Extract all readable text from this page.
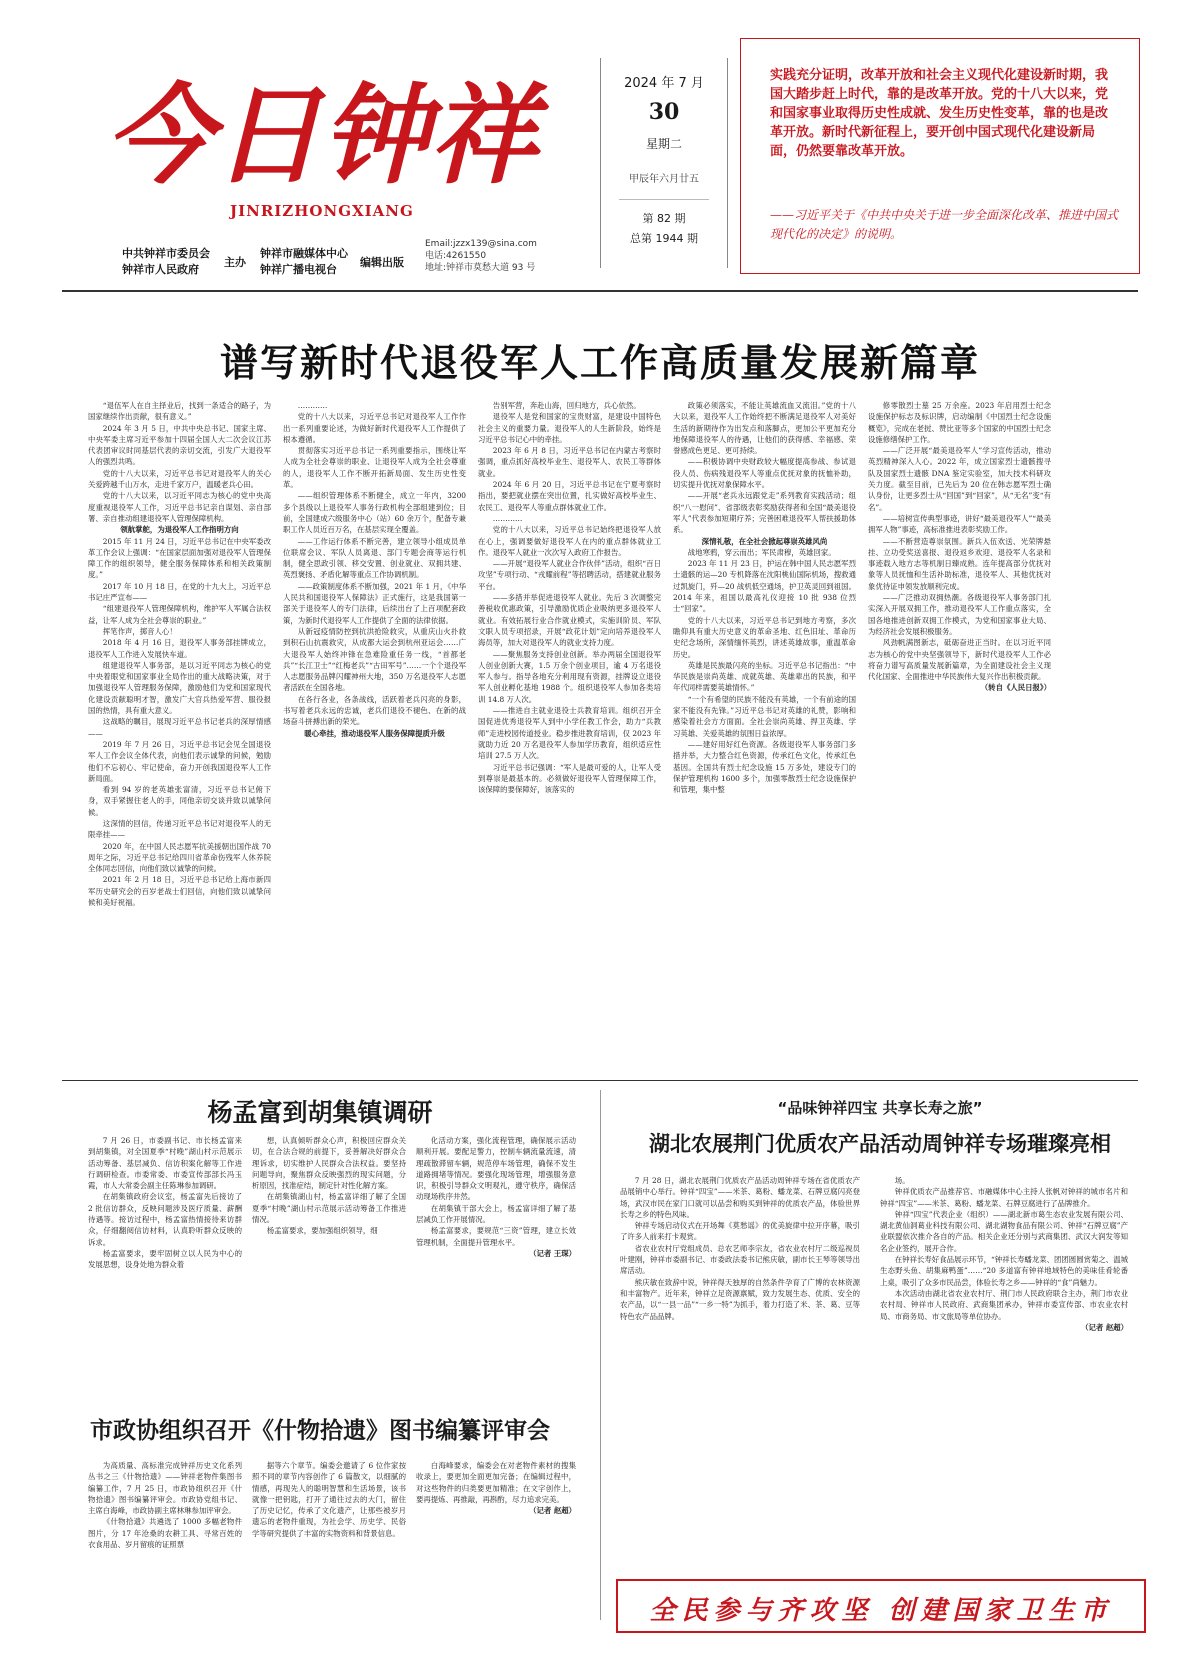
今日钟祥
JINRIZHONGXIANG
中共钟祥市委员会
钟祥市人民政府
主办
钟祥市融媒体中心
钟祥广播电视台
编辑出版
Email:jzzx139@sina.com
电话:4261550
地址:钟祥市莫愁大道 93 号
2024 年 7 月
30
星期二
甲辰年六月廿五
第 82 期
总第 1944 期
实践充分证明，改革开放和社会主义现代化建设新时期，我国大踏步赶上时代，靠的是改革开放。党的十八大以来，党和国家事业取得历史性成就、发生历史性变革，靠的也是改革开放。新时代新征程上，要开创中国式现代化建设新局面，仍然要靠改革开放。
——习近平关于《中共中央关于进一步全面深化改革、推进中国式现代化的决定》的说明。
谱写新时代退役军人工作高质量发展新篇章

“退伍军人在自主择业后，找到一条适合的路子，为国家继续作出贡献，很有意义。”

2024 年 3 月 5 日，中共中央总书记、国家主席、中央军委主席习近平参加十四届全国人大二次会议江苏代表团审议时同基层代表的亲切交流，引发广大退役军人的强烈共鸣。

党的十八大以来，习近平总书记对退役军人的关心关爱跨越千山万水，走进千家万户，温暖老兵心田。

党的十八大以来，以习近平同志为核心的党中央高度重视退役军人工作，习近平总书记亲自谋划、亲自部署、亲自推动组建退役军人管理保障机构。

领航掌舵，为退役军人工作指明方向

2015 年 11 月 24 日，习近平总书记在中央军委改革工作会议上强调：“在国家层面加强对退役军人管理保障工作的组织领导，健全服务保障体系和相关政策制度。”

2017 年 10 月 18 日，在党的十九大上，习近平总书记庄严宣布——

“组建退役军人管理保障机构，维护军人军属合法权益，让军人成为全社会尊崇的职业。”

挥笔作声，掷音人心！

2018 年 4 月 16 日，退役军人事务部挂牌成立，退役军人工作进入发展快车道。

组建退役军人事务部，是以习近平同志为核心的党中央着眼党和国家事业全局作出的重大战略决策，对于加强退役军人管理服务保障，激励他们为党和国家现代化建设贡献聪明才智，激发广大官兵热爱军营、服役报国的热情，具有重大意义。

这战略的瞩目，展现习近平总书记老兵的深厚情感——

2019 年 7 月 26 日，习近平总书记会见全国退役军人工作会议全体代表，向他们表示诚挚的问候，勉励他们不忘初心、牢记使命，奋力开创我国退役军人工作新局面。

看到 94 岁的老英雄张富清，习近平总书记俯下身，双手紧握住老人的手，同他亲切交谈并致以诚挚问候。

这深情的回信，传递习近平总书记对退役军人的无限牵挂——

2020 年，在中国人民志愿军抗美援朝出国作战 70 周年之际，习近平总书记给四川省革命伤残军人休养院全体同志回信，向他们致以诚挚的问候。

2021 年 2 月 18 日，习近平总书记给上海市新四军历史研究会的百岁老战士们回信，向他们致以诚挚问候和美好祝福。

…………

党的十八大以来，习近平总书记对退役军人工作作出一系列重要论述，为做好新时代退役军人工作提供了根本遵循。

贯彻落实习近平总书记一系列重要指示，围绕让军人成为全社会尊崇的职业、让退役军人成为全社会尊重的人，退役军人工作不断开拓新局面、发生历史性变革。

——组织管理体系不断健全，成立一年内，3200 多个县级以上退役军人事务行政机构全部组建到位；目前，全国建成六级服务中心（站）60 余万个，配备专兼职工作人员近百万名，在基层实现全覆盖。

——工作运行体系不断完善，建立领导小组成员单位联席会议、军队人员离退、部门专题会商等运行机制，健全思政引领、移交安置、创业就业、双拥共建、英烈褒扬、矛盾化解等重点工作协调机制。

——政策制度体系不断加强，2021 年 1 月，《中华人民共和国退役军人保障法》正式施行，这是我国第一部关于退役军人的专门法律，后续出台了上百项配套政策，为新时代退役军人工作提供了全面的法律依据。

从新冠疫情防控到抗洪抢险救灾，从重庆山火扑救到积石山抗震救灾，从成都大运会到杭州亚运会……广大退役军人始终冲锋在急难险重任务一线，“首都老兵”“长江卫士”“红梅老兵”“古田军号”……一个个退役军人志愿服务品牌闪耀神州大地，350 万名退役军人志愿者活跃在全国各地。

在各行各业，各条战线，活跃着老兵闪亮的身影，书写着老兵永远的忠诚，老兵们退役不褪色、在新的战场奋斗拼搏出新的荣光。

暖心牵挂，推动退役军人服务保障提质升级

告别军营，奔赴山海，回归地方，兵心依然。

退役军人是党和国家的宝贵财富，是建设中国特色社会主义的重要力量。退役军人的人生新阶段，始终是习近平总书记心中的牵挂。

2023 年 6 月 8 日，习近平总书记在内蒙古考察时强调，重点抓好高校毕业生、退役军人、农民工等群体就业。

2024 年 6 月 20 日，习近平总书记在宁夏考察时指出，要把就业摆在突出位置，扎实做好高校毕业生、农民工、退役军人等重点群体就业工作。

…………

党的十八大以来，习近平总书记始终把退役军人放在心上，强调要做好退役军人在内的重点群体就业工作。退役军人就业一次次写入政府工作报告。

——开展“退役军人就业合作伙伴”活动，组织“百日攻坚”专项行动、“戎耀前程”等招聘活动，搭建就业服务平台。

——多措并举促进退役军人就业。先后 3 次调整完善税收优惠政策，引导激励优质企业吸纳更多退役军人就业。有效拓展行业合作就业模式，实施训阶员、军队文职人员专项招录，开展“政花计划”定向培养退役军人海员等，加大对退役军人的就业支持力度。

——聚焦服务支持创业创新。举办两届全国退役军人创业创新大赛，1.5 万余个创业项目，逾 4 万名退役军人参与。指导各地充分利用现有资源，挂牌设立退役军人创业孵化基地 1988 个。组织退役军人参加各类培训 14.8 万人次。

——推进自主就业退役士兵教育培训。组织召开全国促进优秀退役军人到中小学任教工作会，助力“兵教师”走进校园传道授业。稳步推进教育培训，仅 2023 年就助力近 20 万名退役军人参加学历教育，组织适应性培训 27.5 万人次。

习近平总书记强调：“军人是最可爱的人，让军人受到尊崇是最基本的。必须做好退役军人管理保障工作，该保障的要保障好，该落实的

政策必须落实，不能让英雄流血又流泪。”党的十八大以来，退役军人工作始终把不断满足退役军人对美好生活的新期待作为出发点和落脚点，更加公平更加充分地保障退役军人的待遇，让他们的获得感、幸福感、荣誉感成色更足、更可持续。

——积极协调中央财政较大幅度提高参战、参试退役人员、伤病残退役军人等重点优抚对象的抚恤补助，切实提升优抚对象保障水平。

——开展“老兵永远跟党走”系列教育实践活动；组织“八一慰问”、省部级表彰奖励获得者和全国“最美退役军人”代表参加短期疗养；完善困难退役军人帮扶援助体系。

深情礼敬，在全社会掀起尊崇英雄风尚

战地寒鸦，穿云而出；军民肃穆，英雄回家。

2023 年 11 月 23 日，护运在韩中国人民志愿军烈士遗骸的运—20 专机降落在沈阳桃仙国际机场，搜救通过凯旋门，歼—20 战机低空通场，护卫英灵回到祖国。2014 年来，祖国以最高礼仪迎接 10 批 938 位烈士“回家”。

党的十八大以来，习近平总书记到地方考察，多次瞻仰具有重大历史意义的革命圣地、红色旧址、革命历史纪念场所，深情缅怀英烈，讲述英雄故事，重温革命历史。

英雄是民族最闪亮的坐标。习近平总书记指出：“中华民族是崇尚英雄、成就英雄、英雄辈出的民族，和平年代同样需要英雄情怀。”

“一个有希望的民族不能没有英雄，一个有前途的国家不能没有先锋。”习近平总书记对英雄的礼赞，影响和感染着社会方方面面。全社会崇尚英雄、捍卫英雄、学习英雄、关爱英雄的氛围日益浓厚。

——建好用好红色资源。各级退役军人事务部门多措并举，大力整合红色资源，传承红色文化，传承红色基因。全国共有烈士纪念设施 15 万多处，建设专门的保护管理机构 1600 多个，加强零散烈士纪念设施保护和管理，集中整

修零散烈士墓 25 万余座。2023 年启用烈士纪念设施保护标志及标识牌，启动编制《中国烈士纪念设施概览》，完成在老挝、赞比亚等多个国家的中国烈士纪念设施修缮保护工作。

——广泛开展“最美退役军人”学习宣传活动，推动英烈精神深入人心。2022 年，成立国家烈士遗骸搜寻队及国家烈士遗骸 DNA 鉴定实验室，加大技术科研攻关力度。截至目前，已先后为 20 位在韩志愿军烈士确认身份，让更多烈士从“回国”到“回家”，从“无名”变“有名”。

——培树宣传典型事迹，讲好“最美退役军人”“最美拥军人物”事迹，高标准推进表彰奖励工作。

——不断营造尊崇氛围。新兵入伍欢送、光荣牌悬挂、立功受奖送喜报、退役返乡欢迎、退役军人名录和事迹载入地方志等机制日臻成熟。连年提高部分优抚对象等人员抚恤和生活补助标准，退役军人、其他优抚对象优待证申领发放顺利完成。

——广泛推动双拥热潮。各级退役军人事务部门扎实深入开展双拥工作，推动退役军人工作重点落实，全国各地推进创新双拥工作模式，为党和国家事业大局、为经济社会发展积极服务。

风劲帆满图新志，砥砺奋进正当时。在以习近平同志为核心的党中央坚强领导下，新时代退役军人工作必将奋力谱写高质量发展新篇章，为全面建设社会主义现代化国家、全面推进中华民族伟大复兴作出积极贡献。

（转自《人民日报》）

杨孟富到胡集镇调研

7 月 26 日，市委副书记、市长杨孟富来到胡集镇，对全国夏季“村晚”湖山村示范展示活动筹备、基层减负、信访积案化解等工作进行调研检查。市委常委、市委宣传部部长冯玉霞，市人大常委会副主任陈琳参加调研。

在胡集镇政府会议室，杨孟富先后接访了 2 批信访群众，反映问题涉及医疗质量、薪酬待遇等。接访过程中，杨孟富热情接待来访群众，仔细翻阅信访材料，认真聆听群众反映的诉求。

杨孟富要求，要牢固树立以人民为中心的发展思想，设身处地为群众着

想，认真倾听群众心声，积极回应群众关切，在合法合规的前提下，妥善解决好群众合理诉求，切实维护人民群众合法权益。要坚持问题导向，聚焦群众反映强烈的现实问题，分析原因，找准症结，制定针对性化解方案。

在胡集镇湖山村，杨孟富详细了解了全国夏季“村晚”湖山村示范展示活动筹备工作推进情况。

杨孟富要求，要加强组织领导，细

化活动方案，强化流程管理，确保展示活动顺利开展。要配足警力，控制车辆流量流速，清理疏散滞留车辆，规范停车场管理，确保不发生道路拥堵等情况。要强化现场管理，增强服务意识，积极引导群众文明观礼，遵守秩序，确保活动现场秩序井然。

在胡集镇干部大会上，杨孟富详细了解了基层减负工作开展情况。

杨孟富要求，要规范“三资”管理，建立长效管理机制，全面提升管理水平。

（记者 王琛）

市政协组织召开《什物拾遗》图书编纂评审会

为高质量、高标准完成钟祥历史文化系列丛书之三《什物拾遗》——钟祥老物件集图书编纂工作，7 月 25 日，市政协组织召开《什物拾遗》图书编纂评审会。市政协党组书记、主席白海峰，市政协副主席林琳参加评审会。

《什物拾遗》共遴选了 1000 多幅老物件图片，分 17 年沧桑的农耕工具、寻常百姓的衣食用品、岁月留痕的证照票

据等六个章节。编委会邀请了 6 位作家按照不同的章节内容创作了 6 篇散文，以细腻的情感，再现先人的聪明智慧和生活场景，该书就像一把钥匙，打开了通往过去的大门，留住了历史记忆，传承了文化遗产，让那些被岁月遗忘的老物件重现，为社会学、历史学、民俗学等研究提供了丰富的实物资料和背景信息。

白海峰要求，编委会在对老物件素材的搜集收录上，要更加全面更加完备；在编辑过程中，对这些物件的归类要更加精准；在文字创作上，要再提炼、再推敲，再斟酌，尽力追求完美。

（记者 赵超）

“品味钟祥四宝 共享长寿之旅”
湖北农展荆门优质农产品活动周钟祥专场璀璨亮相

7 月 28 日，湖北农展荆门优质农产品活动周钟祥专场在省优质农产品展销中心举行。钟祥“四宝”——米茶、葛粉、蟠龙菜、石牌豆腐闪亮登场，武汉市民在家门口就可以品尝和购买到钟祥的优质农产品，体验世界长寿之乡的特色风味。

钟祥专场启动仪式在开场舞《莫愁谣》的优美旋律中拉开序幕，吸引了许多人前来打卡观赏。

省农业农村厅党组成员、总农艺师李宗友，省农业农村厅二级巡视员叶建刚，钟祥市委副书记、市委政法委书记熊庆敏，副市长王琴等领导出席活动。

熊庆敏在致辞中说，钟祥得天独厚的自然条件孕育了广博的农林资源和丰富物产。近年来，钟祥立足资源禀赋，致力发展生态、优质、安全的农产品，以“一县一品”“一乡一特”为抓手，着力打造了米、茶、葛、豆等特色农产品品牌。

场。

钟祥优质农产品推荐官、市融媒体中心主持人张帆对钟祥的城市名片和钟祥“四宝”——米茶、葛粉、蟠龙菜、石牌豆腐进行了品牌推介。

钟祥“四宝”代表企业（组织）——湖北新市葛生态农业发展有限公司、湖北黄仙洞葛业科技有限公司、湖北湖物食品有限公司、钟祥“石牌豆腐”产业联盟依次推介各自的产品。相关企业还分别与武商集团、武汉大润发等知名企业签约，展开合作。

在钟祥长寿好食品展示环节，“钟祥长寿蟠龙菜、团团圆圆赏菊之、温城生态野头鱼、胡集麻鸭蛋”……“20 多道富有钟祥地域特色的美味佳肴轮番上桌，吸引了众多市民品尝，体验长寿之乡——钟祥的“食”尚魅力。

本次活动由湖北省农业农村厅、荆门市人民政府联合主办，荆门市农业农村局、钟祥市人民政府、武商集团承办，钟祥市委宣传部、市农业农村局、市商务局、市文旅局等单位协办。

（记者 赵超）

全民参与齐攻坚 创建国家卫生市
